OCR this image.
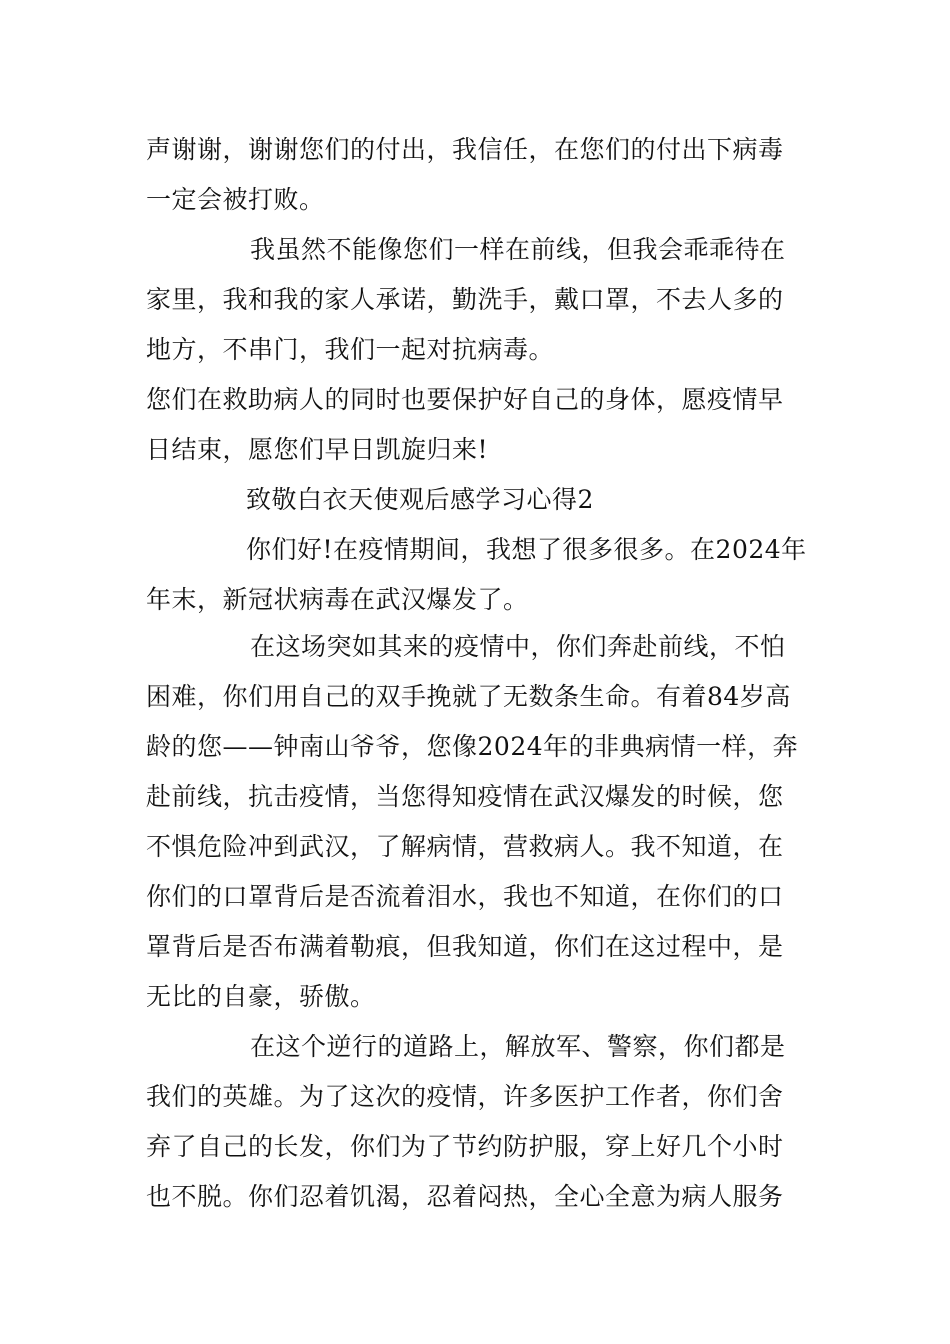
声谢谢，谢谢您们的付出，我信任，在您们的付出下病毒
一定会被打败。
我虽然不能像您们一样在前线，但我会乖乖待在
家里，我和我的家人承诺，勤洗手，戴口罩，不去人多的
地方，不串门，我们一起对抗病毒。
您们在救助病人的同时也要保护好自己的身体，愿疫情早
日结束，愿您们早日凯旋归来!
致敬白衣天使观后感学习心得2
你们好!在疫情期间，我想了很多很多。在2024年
年末，新冠状病毒在武汉爆发了。
在这场突如其来的疫情中，你们奔赴前线，不怕
困难，你们用自己的双手挽就了无数条生命。有着84岁高
龄的您——钟南山爷爷，您像2024年的非典病情一样，奔
赴前线，抗击疫情，当您得知疫情在武汉爆发的时候，您
不惧危险冲到武汉，了解病情，营救病人。我不知道，在
你们的口罩背后是否流着泪水，我也不知道，在你们的口
罩背后是否布满着勒痕，但我知道，你们在这过程中，是
无比的自豪，骄傲。
在这个逆行的道路上，解放军、警察，你们都是
我们的英雄。为了这次的疫情，许多医护工作者，你们舍
弃了自己的长发，你们为了节约防护服，穿上好几个小时
也不脱。你们忍着饥渴，忍着闷热，全心全意为病人服务
